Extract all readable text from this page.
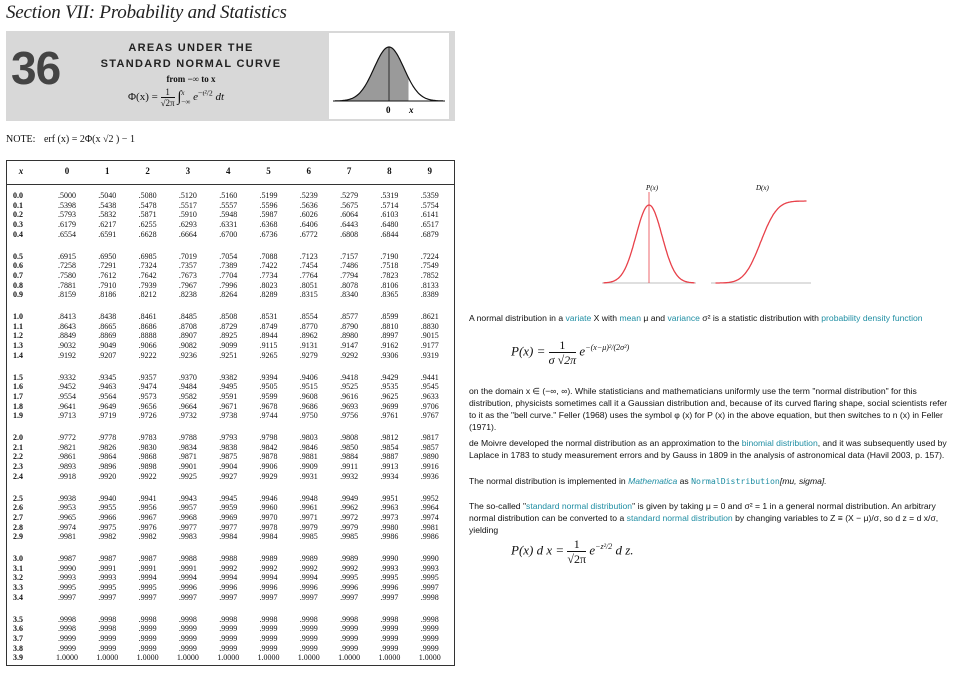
Section VII: Probability and Statistics
36	AREAS UNDER THE
STANDARD NORMAL CURVE
from −∞ to x
$\Phi(x) = \frac{1}{√2\pi}$ ∫ x
−∞ $e^{-t^2/2}$ dt
0 x
NOTE: erf (x) = 2Φ(x √2 ) − 1
x	0	1	2	3	4	5	6	7	8	9
0.0	.5000	.5040	.5080	.5120	.5160	.5199	.5239	.5279	.5319	.5359
0.1	.5398	.5438	.5478	.5517	.5557	.5596	.5636	.5675	.5714	.5754
0.2	.5793	.5832	.5871	.5910	.5948	.5987	.6026	.6064	.6103	.6141
0.3	.6179	.6217	.6255	.6293	.6331	.6368	.6406	.6443	.6480	.6517
0.4	.6554	.6591	.6628	.6664	.6700	.6736	.6772	.6808	.6844	.6879
0.5	.6915	.6950	.6985	.7019	.7054	.7088	.7123	.7157	.7190	.7224
0.6	.7258	.7291	.7324	.7357	.7389	.7422	.7454	.7486	.7518	.7549
0.7	.7580	.7612	.7642	.7673	.7704	.7734	.7764	.7794	.7823	.7852
0.8	.7881	.7910	.7939	.7967	.7996	.8023	.8051	.8078	.8106	.8133
0.9	.8159	.8186	.8212	.8238	.8264	.8289	.8315	.8340	.8365	.8389
1.0	.8413	.8438	.8461	.8485	.8508	.8531	.8554	.8577	.8599	.8621
1.1	.8643	.8665	.8686	.8708	.8729	.8749	.8770	.8790	.8810	.8830
1.2	.8849	.8869	.8888	.8907	.8925	.8944	.8962	.8980	.8997	.9015
1.3	.9032	.9049	.9066	.9082	.9099	.9115	.9131	.9147	.9162	.9177
1.4	.9192	.9207	.9222	.9236	.9251	.9265	.9279	.9292	.9306	.9319
1.5	.9332	.9345	.9357	.9370	.9382	.9394	.9406	.9418	.9429	.9441
1.6	.9452	.9463	.9474	.9484	.9495	.9505	.9515	.9525	.9535	.9545
1.7	.9554	.9564	.9573	.9582	.9591	.9599	.9608	.9616	.9625	.9633
1.8	.9641	.9649	.9656	.9664	.9671	.9678	.9686	.9693	.9699	.9706
1.9	.9713	.9719	.9726	.9732	.9738	.9744	.9750	.9756	.9761	.9767
2.0	.9772	.9778	.9783	.9788	.9793	.9798	.9803	.9808	.9812	.9817
2.1	.9821	.9826	.9830	.9834	.9838	.9842	.9846	.9850	.9854	.9857
2.2	.9861	.9864	.9868	.9871	.9875	.9878	.9881	.9884	.9887	.9890
2.3	.9893	.9896	.9898	.9901	.9904	.9906	.9909	.9911	.9913	.9916
2.4	.9918	.9920	.9922	.9925	.9927	.9929	.9931	.9932	.9934	.9936
2.5	.9938	.9940	.9941	.9943	.9945	.9946	.9948	.9949	.9951	.9952
2.6	.9953	.9955	.9956	.9957	.9959	.9960	.9961	.9962	.9963	.9964
2.7	.9965	.9966	.9967	.9968	.9969	.9970	.9971	.9972	.9973	.9974
2.8	.9974	.9975	.9976	.9977	.9977	.9978	.9979	.9979	.9980	.9981
2.9	.9981	.9982	.9982	.9983	.9984	.9984	.9985	.9985	.9986	.9986
3.0	.9987	.9987	.9987	.9988	.9988	.9989	.9989	.9989	.9990	.9990
3.1	.9990	.9991	.9991	.9991	.9992	.9992	.9992	.9992	.9993	.9993
3.2	.9993	.9993	.9994	.9994	.9994	.9994	.9994	.9995	.9995	.9995
3.3	.9995	.9995	.9995	.9996	.9996	.9996	.9996	.9996	.9996	.9997
3.4	.9997	.9997	.9997	.9997	.9997	.9997	.9997	.9997	.9997	.9998
3.5	.9998	.9998	.9998	.9998	.9998	.9998	.9998	.9998	.9998	.9998
3.6	.9998	.9998	.9999	.9999	.9999	.9999	.9999	.9999	.9999	.9999
3.7	.9999	.9999	.9999	.9999	.9999	.9999	.9999	.9999	.9999	.9999
3.8	.9999	.9999	.9999	.9999	.9999	.9999	.9999	.9999	.9999	.9999
3.9	1.0000	1.0000	1.0000	1.0000	1.0000	1.0000	1.0000	1.0000	1.0000	1.0000
P(x)	D(x)
A normal distribution in a variate X with mean μ and variance σ² is a statistic distribution with probability density function
$P(x) = \frac{1}{\sigma √2\pi} e^{-(x-\mu)^2/(2\sigma^2)}$
on the domain x ∈ (−∞, ∞). While statisticians and mathematicians uniformly use the term "normal distribution" for this distribution, physicists sometimes call it a Gaussian distribution and, because of its curved flaring shape, social scientists refer to it as the "bell curve." Feller (1968) uses the symbol φ (x) for P (x) in the above equation, but then switches to n (x) in Feller (1971).
de Moivre developed the normal distribution as an approximation to the binomial distribution, and it was subsequently used by Laplace in 1783 to study measurement errors and by Gauss in 1809 in the analysis of astronomical data (Havil 2003, p. 157).
The normal distribution is implemented in Mathematica as NormalDistribution[mu, sigma].
The so-called "standard normal distribution" is given by taking μ = 0 and σ² = 1 in a general normal distribution. An arbitrary normal distribution can be converted to a standard normal distribution by changing variables to Z ≡ (X − μ)/σ, so d z = d x/σ, yielding
P(x) d $x = \frac{1}{√2\pi} e^{-z^2/2}$ d z.
